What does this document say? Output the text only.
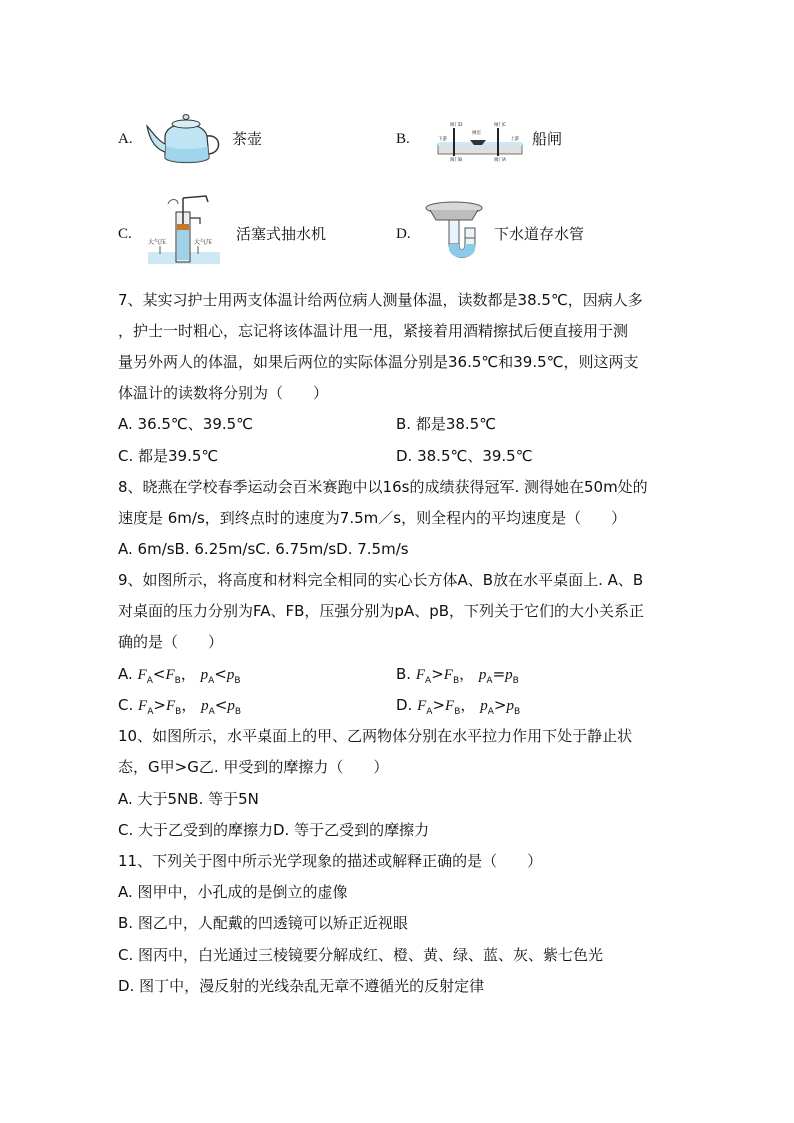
A.	茶壶	B.
阀门D	闸门C
闸室
下游	上游
阀门B	阀门A
船闸
C.
大气压	大气压 活塞式抽水机	D.	下水道存水管
7、某实习护士用两支体温计给两位病人测量体温，读数都是38.5℃，因病人多
，护士一时粗心，忘记将该体温计甩一甩，紧接着用酒精擦拭后便直接用于测
量另外两人的体温，如果后两位的实际体温分别是36.5℃和39.5℃，则这两支
体温计的读数将分别为（　　）
A. 36.5℃、39.5℃	B. 都是38.5℃
C. 都是39.5℃	D. 38.5℃、39.5℃
8、晓燕在学校春季运动会百米赛跑中以16s的成绩获得冠军. 测得她在50m处的
速度是 6m/s，到终点时的速度为7.5m／s，则全程内的平均速度是（　　）
A. 6m/sB. 6.25m/sC. 6.75m/sD. 7.5m/s
9、如图所示，将高度和材料完全相同的实心长方体A、B放在水平桌面上. A、B
对桌面的压力分别为FA、FB，压强分别为pA、pB，下列关于它们的大小关系正
确的是（　　）
A. $F_A<F_B$， $p_A<p_B$	B. $F_A>F_B$， $p_A=p_B$
C. $F_A>F_B$， $p_A<p_B$	D. $F_A>F_B$， $p_A>p_B$
10、如图所示，水平桌面上的甲、乙两物体分别在水平拉力作用下处于静止状
态，G甲>G乙. 甲受到的摩擦力（　　）
A. 大于5NB. 等于5N
C. 大于乙受到的摩擦力D. 等于乙受到的摩擦力
11、下列关于图中所示光学现象的描述或解释正确的是（　　）
A. 图甲中，小孔成的是倒立的虚像
B. 图乙中，人配戴的凹透镜可以矫正近视眼
C. 图丙中，白光通过三棱镜要分解成红、橙、黄、绿、蓝、灰、紫七色光
D. 图丁中，漫反射的光线杂乱无章不遵循光的反射定律
